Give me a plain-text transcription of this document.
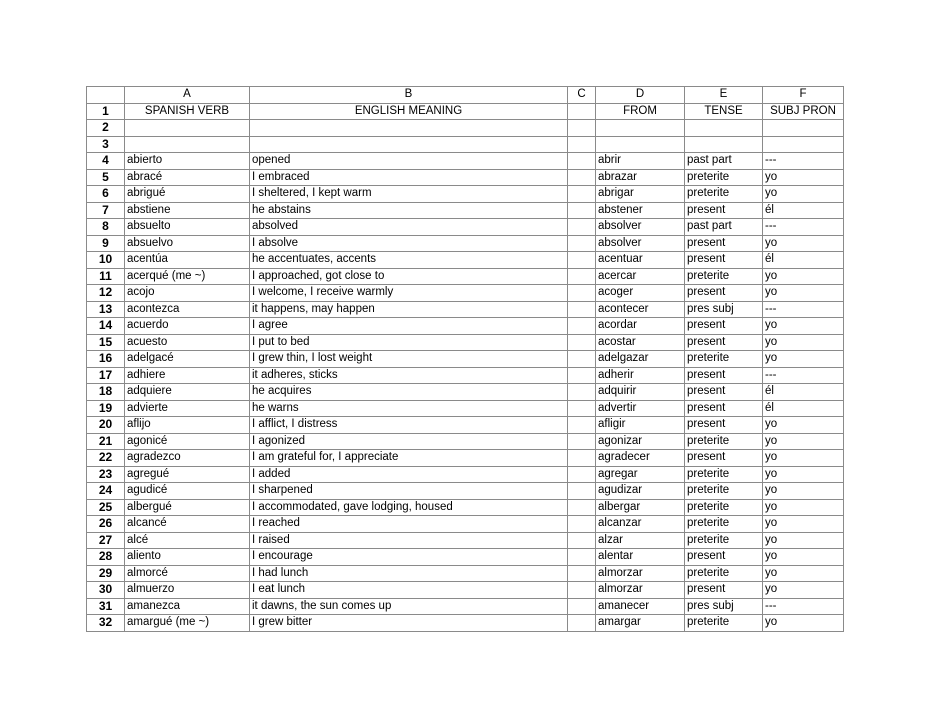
	A	B	C	D	E	F
1	SPANISH VERB	ENGLISH MEANING		FROM	TENSE	SUBJ PRON
2						
3						
4	abierto	opened		abrir	past part	---
5	abracé	I embraced		abrazar	preterite	yo
6	abrigué	I sheltered, I kept warm		abrigar	preterite	yo
7	abstiene	he abstains		abstener	present	él
8	absuelto	absolved		absolver	past part	---
9	absuelvo	I absolve		absolver	present	yo
10	acentúa	he accentuates, accents		acentuar	present	él
11	acerqué (me ~)	I approached, got close to		acercar	preterite	yo
12	acojo	I welcome, I receive warmly		acoger	present	yo
13	acontezca	it happens, may happen		acontecer	pres subj	---
14	acuerdo	I agree		acordar	present	yo
15	acuesto	I put to bed		acostar	present	yo
16	adelgacé	I grew thin, I lost weight		adelgazar	preterite	yo
17	adhiere	it adheres, sticks		adherir	present	---
18	adquiere	he acquires		adquirir	present	él
19	advierte	he warns		advertir	present	él
20	aflijo	I afflict, I distress		afligir	present	yo
21	agonicé	I agonized		agonizar	preterite	yo
22	agradezco	I am grateful for, I appreciate		agradecer	present	yo
23	agregué	I added		agregar	preterite	yo
24	agudicé	I sharpened		agudizar	preterite	yo
25	albergué	I accommodated, gave lodging, housed		albergar	preterite	yo
26	alcancé	I reached		alcanzar	preterite	yo
27	alcé	I raised		alzar	preterite	yo
28	aliento	I encourage		alentar	present	yo
29	almorcé	I had lunch		almorzar	preterite	yo
30	almuerzo	I eat lunch		almorzar	present	yo
31	amanezca	it dawns, the sun comes up		amanecer	pres subj	---
32	amargué (me ~)	I grew bitter		amargar	preterite	yo
